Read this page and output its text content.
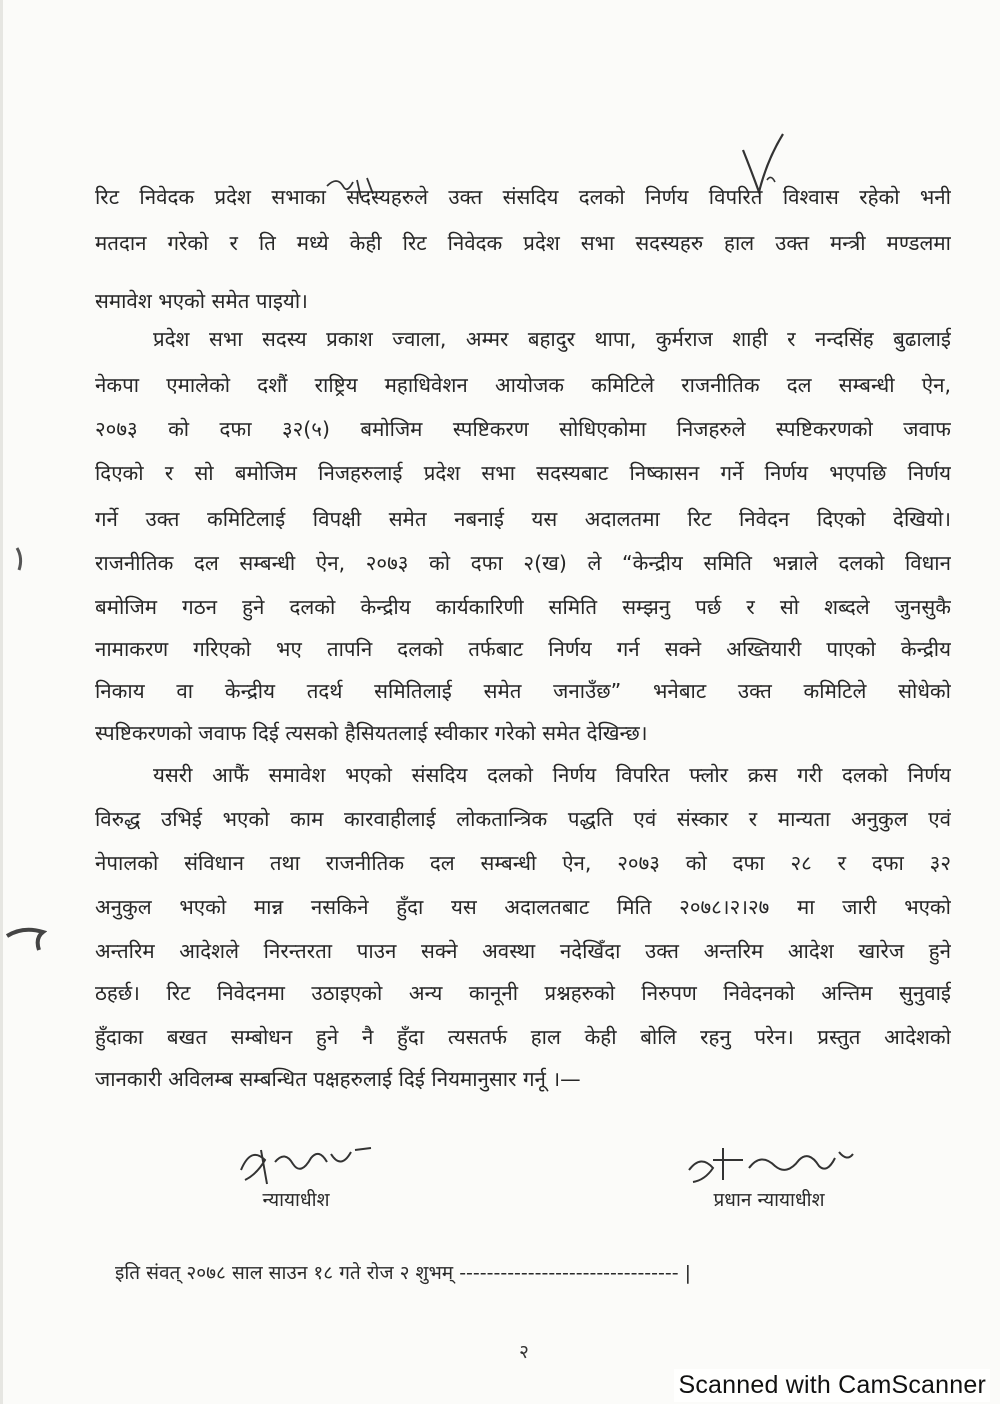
रिट निवेदक प्रदेश सभाका सदस्यहरुले उक्त संसदिय दलको निर्णय विपरित विश्वास रहेको भनी
मतदान गरेको र ति मध्ये केही रिट निवेदक प्रदेश सभा सदस्यहरु हाल उक्त मन्त्री मण्डलमा
समावेश भएको समेत पाइयो।
प्रदेश सभा सदस्य प्रकाश ज्वाला, अम्मर बहादुर थापा, कुर्मराज शाही र नन्दसिंह बुढालाई
नेकपा एमालेको दशौं राष्ट्रिय महाधिवेशन आयोजक कमिटिले राजनीतिक दल सम्बन्धी ऐन,
२०७३ को दफा ३२(५) बमोजिम स्पष्टिकरण सोधिएकोमा निजहरुले स्पष्टिकरणको जवाफ
दिएको र सो बमोजिम निजहरुलाई प्रदेश सभा सदस्यबाट निष्कासन गर्ने निर्णय भएपछि निर्णय
गर्ने उक्त कमिटिलाई विपक्षी समेत नबनाई यस अदालतमा रिट निवेदन दिएको देखियो।
राजनीतिक दल सम्बन्धी ऐन, २०७३ को दफा २(ख) ले “केन्द्रीय समिति भन्नाले दलको विधान
बमोजिम गठन हुने दलको केन्द्रीय कार्यकारिणी समिति सम्झनु पर्छ र सो शब्दले जुनसुकै
नामाकरण गरिएको भए तापनि दलको तर्फबाट निर्णय गर्न सक्ने अख्तियारी पाएको केन्द्रीय
निकाय वा केन्द्रीय तदर्थ समितिलाई समेत जनाउँछ” भनेबाट उक्त कमिटिले सोधेको
स्पष्टिकरणको जवाफ दिई त्यसको हैसियतलाई स्वीकार गरेको समेत देखिन्छ।
यसरी आफैं समावेश भएको संसदिय दलको निर्णय विपरित फ्लोर क्रस गरी दलको निर्णय
विरुद्ध उभिई भएको काम कारवाहीलाई लोकतान्त्रिक पद्धति एवं संस्कार र मान्यता अनुकुल एवं
नेपालको संविधान तथा राजनीतिक दल सम्बन्धी ऐन, २०७३ को दफा २८ र दफा ३२
अनुकुल भएको मान्न नसकिने हुँदा यस अदालतबाट मिति २०७८।२।२७ मा जारी भएको
अन्तरिम आदेशले निरन्तरता पाउन सक्ने अवस्था नदेखिँदा उक्त अन्तरिम आदेश खारेज हुने
ठहर्छ। रिट निवेदनमा उठाइएको अन्य कानूनी प्रश्नहरुको निरुपण निवेदनको अन्तिम सुनुवाई
हुँदाका बखत सम्बोधन हुने नै हुँदा त्यसतर्फ हाल केही बोलि रहनु परेन। प्रस्तुत आदेशको
जानकारी अविलम्ब सम्बन्धित पक्षहरुलाई दिई नियमानुसार गर्नू ।—
न्यायाधीश	प्रधान न्यायाधीश
इति संवत् २०७८ साल साउन १८ गते रोज २ शुभम् -------------------------------- |
२
Scanned with CamScanner
